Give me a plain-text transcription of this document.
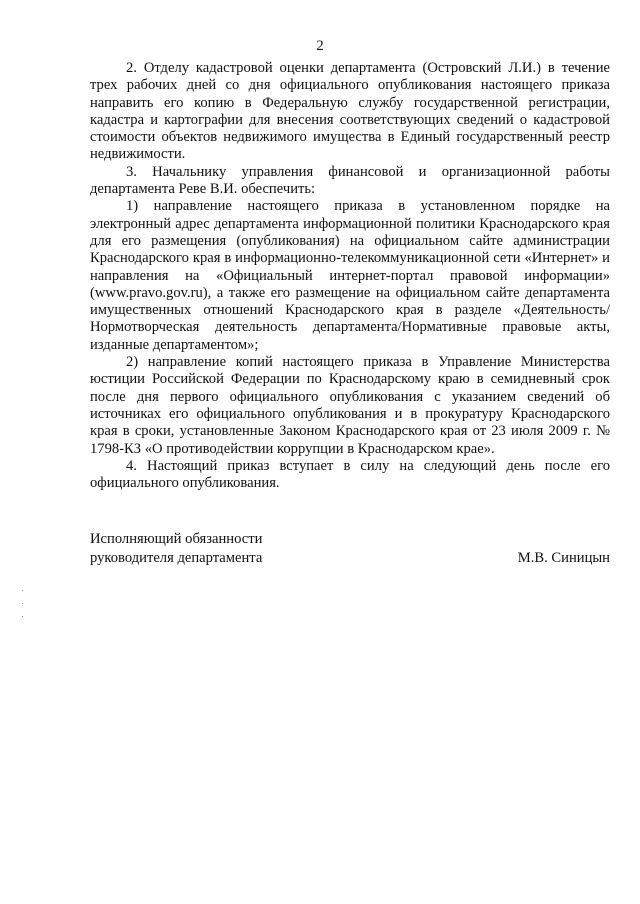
2

2. Отделу кадастровой оценки департамента (Островский Л.И.) в течение трех рабочих дней со дня официального опубликования настоящего приказа направить его копию в Федеральную службу государственной регистрации, кадастра и картографии для внесения соответствующих сведений о кадастровой стоимости объектов недвижимого имущества в Единый государственный реестр недвижимости.

3. Начальнику управления финансовой и организационной работы департамента Реве В.И. обеспечить:

1) направление настоящего приказа в установленном порядке на электронный адрес департамента информационной политики Краснодарского края для его размещения (опубликования) на официальном сайте администрации Краснодарского края в информационно-телекоммуникационной сети «Интернет» и направления на «Официальный интернет-портал правовой информации» (www.pravo.gov.ru), а также его размещение на официальном сайте департамента имущественных отношений Краснодарского края в разделе «Деятельность/Нормотворческая деятельность департамента/Нормативные правовые акты, изданные департаментом»;

2) направление копий настоящего приказа в Управление Министерства юстиции Российской Федерации по Краснодарскому краю в семидневный срок после дня первого официального опубликования с указанием сведений об источниках его официального опубликования и в прокуратуру Краснодарского края в сроки, установленные Законом Краснодарского края от 23 июля 2009 г. № 1798-КЗ «О противодействии коррупции в Краснодарском крае».

4. Настоящий приказ вступает в силу на следующий день после его официального опубликования.

Исполняющий обязанности
руководителя департамента	М.В. Синицын
